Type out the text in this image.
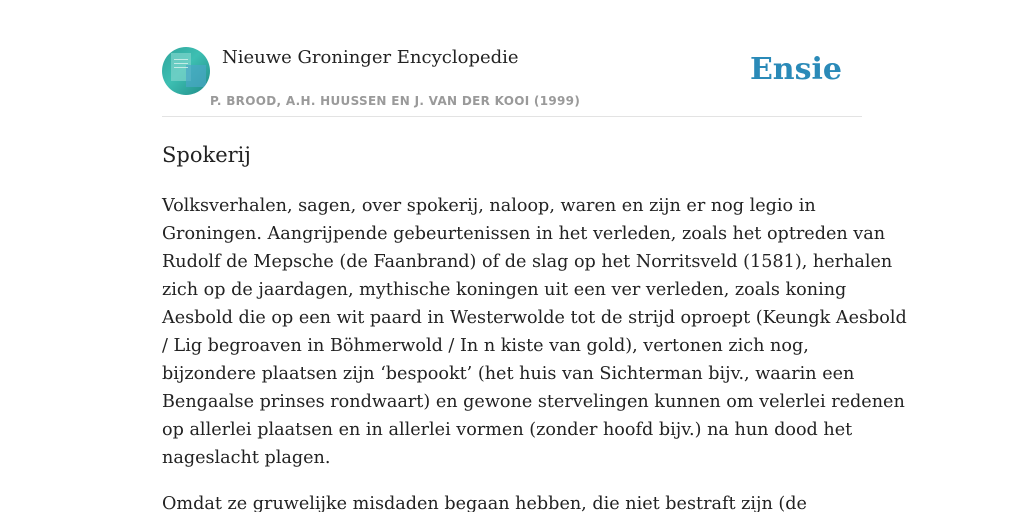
Nieuwe Groninger Encyclopedie
P. BROOD, A.H. HUUSSEN EN J. VAN DER KOOI (1999)
Ensie
Spokerij

Volksverhalen, sagen, over spokerij, naloop, waren en zijn er nog legio in
Groningen. Aangrijpende gebeurtenissen in het verleden, zoals het optreden van
Rudolf de Mepsche (de Faanbrand) of de slag op het Norritsveld (1581), herhalen
zich op de jaardagen, mythische koningen uit een ver verleden, zoals koning
Aesbold die op een wit paard in Westerwolde tot de strijd oproept (Keungk Aesbold
/ Lig begroaven in Böhmerwold / In n kiste van gold), vertonen zich nog,
bijzondere plaatsen zijn ‘bespookt’ (het huis van Sichterman bijv., waarin een
Bengaalse prinses rondwaart) en gewone stervelingen kunnen om velerlei redenen
op allerlei plaatsen en in allerlei vormen (zonder hoofd bijv.) na hun dood het
nageslacht plagen.

Omdat ze gruwelijke misdaden begaan hebben, die niet bestraft zijn (de
